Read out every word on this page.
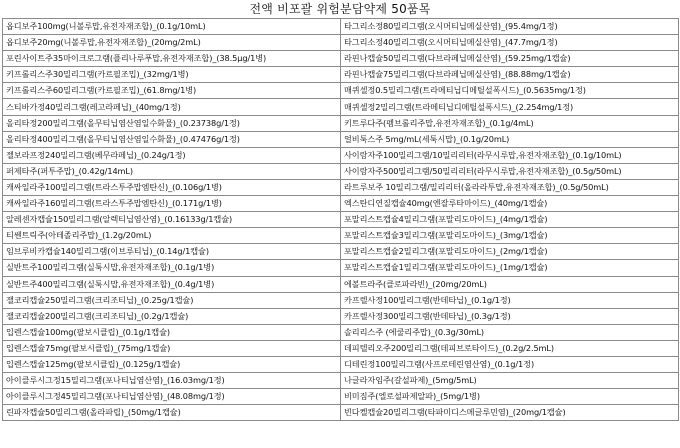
전액 비포괄 위험분담약제 50품목
옵디보주100mg(니볼루맙,유전자재조합)_(0.1g/10mL)	타그리소정80밀리그램(오시머티닙메실산염)_(95.4mg/1정)
옵디보주20mg(니볼루맙,유전자재조합)_(20mg/2mL)	타그리소정40밀리그램(오시머티닙메실산염)_(47.7mg/1정)
포린사이트주35마이크로그램(플리나루푸맙,유전자재조합)_(38.5μg/1병)	라핀나캡슐50밀리그램(다브라페닙메실산염)_(59.25mg/1캡슐)
키프롤리스주30밀리그램(카르필조밉)_(32mg/1병)	라핀나캡슐75밀리그램(다브라페닙메실산염)_(88.88mg/1캡슐)
키프롤리스주60밀리그램(카르필조밉)_(61.8mg/1병)	매퀴셀정0.5밀리그램(트라메티닙디메틸설폭시드)_(0.5635mg/1정)
스티바가정40밀리그램(레고라페닙)_(40mg/1정)	매퀴셀정2밀리그램(트라메티닙디메틸설폭시드)_(2.254mg/1정)
올리타정200밀리그램(올무티닙염산염일수화물)_(0.23738g/1정)	키트루다주(펨브롤리주맙,유전자재조합)_(0.1g/4mL)
올리타정400밀리그램(올무티닙염산염일수화물)_(0.47476g/1정)	얼비툭스주 5mg/mL(세툭시맙)_(0.1g/20mL)
젤보라프정240밀리그램(베무라페닙)_(0.24g/1정)	사이람자주100밀리그램/10밀리리터(라무시루맙,유전자재조합)_(0.1g/10mL)
퍼제타주(퍼투주맙)_(0.42g/14mL)	사이람자주500밀리그램/50밀리리터(라무시루맙,유전자재조합)_(0.5g/50mL)
캐싸일라주100밀리그램(트라스투주맙엠탄신)_(0.106g/1병)	라트루보주 10밀리그램/밀리리터(올라라투맙,유전자재조합)_(0.5g/50mL)
캐싸일라주160밀리그램(트라스투주맙엠탄신)_(0.171g/1병)	엑스탄디연질캡슐40mg(엔잘루타마이드)_(40mg/1캡슐)
알레센자캡슐150밀리그램(알렉티닙염산염)_(0.16133g/1캡슐)	포말리스트캡슐4밀리그램(포말리도마이드)_(4mg/1캡슐)
티쎈트릭주(아테졸리주맙)_(1.2g/20mL)	포말리스트캡슐3밀리그램(포말리도마이드)_(3mg/1캡슐)
임브루비카캡슐140밀리그램(이브루티닙)_(0.14g/1캡슐)	포말리스트캡슐2밀리그램(포말리도마이드)_(2mg/1캡슐)
실반트주100밀리그램(실툭시맙,유전자재조합)_(0.1g/1병)	포말리스트캡슐1밀리그램(포말리도마이드)_(1mg/1캡슐)
실반트주400밀리그램(실툭시맙,유전자재조합)_(0.4g/1병)	에볼트라주(클로파라빈)_(20mg/20mL)
잴코리캡슐250밀리그램(크리조티닙)_(0.25g/1캡슐)	카프렐사정100밀리그램(반데타닙)_(0.1g/1정)
잴코리캡슐200밀리그램(크리조티닙)_(0.2g/1캡슐)	카프렐사정300밀리그램(반데타닙)_(0.3g/1정)
입렌스캡슐100mg(팔보시클립)_(0.1g/1캡슐)	솔리리스주 (에쿨리주맙)_(0.3g/30mL)
입렌스캡슐75mg(팔보시클립)_(75mg/1캡슐)	데피텔리오주200밀리그램(데피브로타이드)_(0.2g/2.5mL)
입렌스캡슐125mg(팔보시클립)_(0.125g/1캡슐)	디테린정100밀리그램(사프로테린염산염)_(0.1g/1정)
아이클루시그정15밀리그램(포나티닙염산염)_(16.03mg/1정)	나글라자임주(갈설파제)_(5mg/5mL)
아이클루시그정45밀리그램(포나티닙염산염)_(48.08mg/1정)	비미짐주(엘로설파제알파)_(5mg/1병)
린파자캡슐50밀리그램(올라파립)_(50mg/1캡슐)	빈다켈캡슐20밀리그램(타파미디스메글루민염)_(20mg/1캡슐)
